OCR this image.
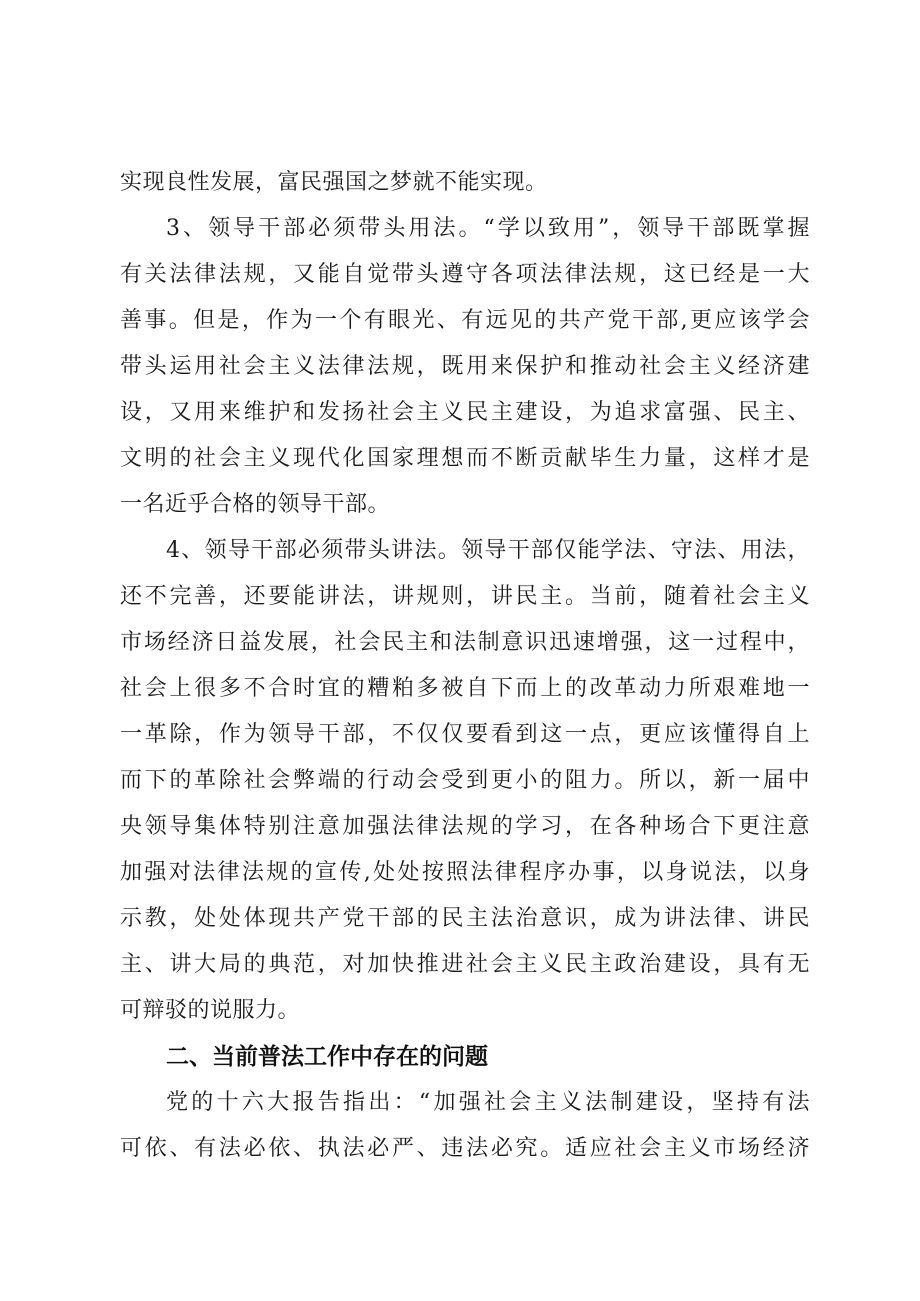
实现良性发展，富民强国之梦就不能实现。
3、领导干部必须带头用法。“学以致用”，领导干部既掌握
有关法律法规，又能自觉带头遵守各项法律法规，这已经是一大
善事。但是，作为一个有眼光、有远见的共产党干部,更应该学会
带头运用社会主义法律法规，既用来保护和推动社会主义经济建
设，又用来维护和发扬社会主义民主建设，为追求富强、民主、
文明的社会主义现代化国家理想而不断贡献毕生力量，这样才是
一名近乎合格的领导干部。
4、领导干部必须带头讲法。领导干部仅能学法、守法、用法，
还不完善，还要能讲法，讲规则，讲民主。当前，随着社会主义
市场经济日益发展，社会民主和法制意识迅速增强，这一过程中，
社会上很多不合时宜的糟粕多被自下而上的改革动力所艰难地一
一革除，作为领导干部，不仅仅要看到这一点，更应该懂得自上
而下的革除社会弊端的行动会受到更小的阻力。所以，新一届中
央领导集体特别注意加强法律法规的学习，在各种场合下更注意
加强对法律法规的宣传,处处按照法律程序办事，以身说法，以身
示教，处处体现共产党干部的民主法治意识，成为讲法律、讲民
主、讲大局的典范，对加快推进社会主义民主政治建设，具有无
可辩驳的说服力。
二、当前普法工作中存在的问题
党的十六大报告指出：“加强社会主义法制建设，坚持有法
可依、有法必依、执法必严、违法必究。适应社会主义市场经济
